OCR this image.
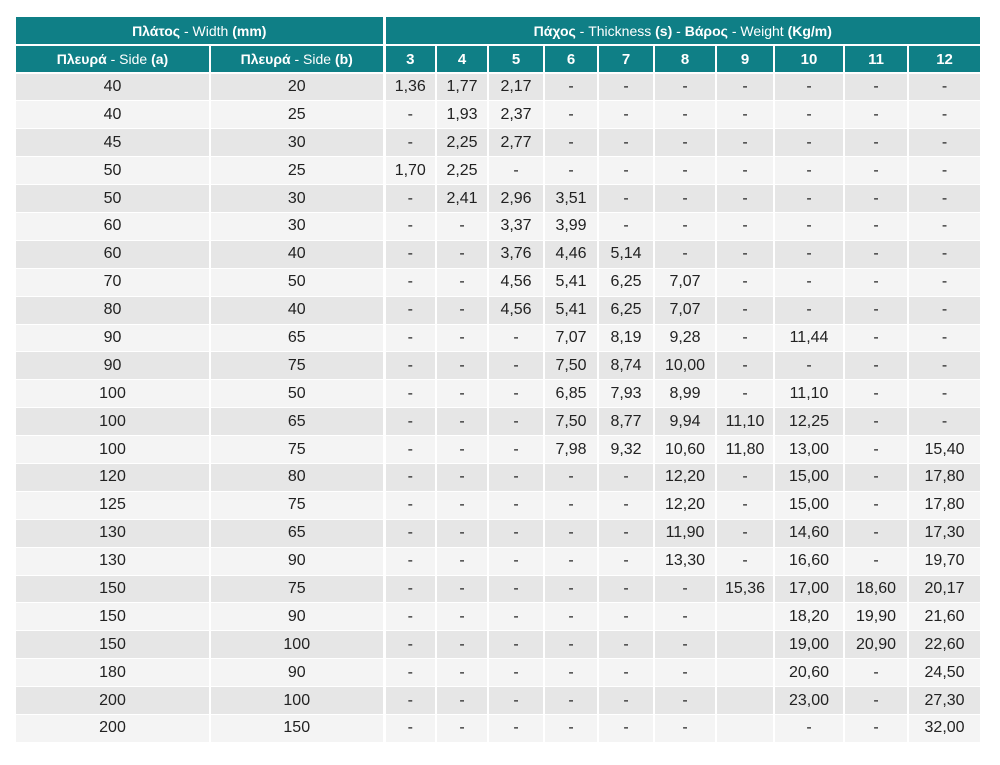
Πλάτος - Width (mm)		Πάχος - Thickness (s) - Βάρος - Weight (Kg/m)									
Πλευρά - Side (a)	Πλευρά - Side (b)	3	4	5	6	7	8	9	10	11	12
40	20	1,36	1,77	2,17	-	-	-	-	-	-	-
40	25	-	1,93	2,37	-	-	-	-	-	-	-
45	30	-	2,25	2,77	-	-	-	-	-	-	-
50	25	1,70	2,25	-	-	-	-	-	-	-	-
50	30	-	2,41	2,96	3,51	-	-	-	-	-	-
60	30	-	-	3,37	3,99	-	-	-	-	-	-
60	40	-	-	3,76	4,46	5,14	-	-	-	-	-
70	50	-	-	4,56	5,41	6,25	7,07	-	-	-	-
80	40	-	-	4,56	5,41	6,25	7,07	-	-	-	-
90	65	-	-	-	7,07	8,19	9,28	-	11,44	-	-
90	75	-	-	-	7,50	8,74	10,00	-	-	-	-
100	50	-	-	-	6,85	7,93	8,99	-	11,10	-	-
100	65	-	-	-	7,50	8,77	9,94	11,10	12,25	-	-
100	75	-	-	-	7,98	9,32	10,60	11,80	13,00	-	15,40
120	80	-	-	-	-	-	12,20	-	15,00	-	17,80
125	75	-	-	-	-	-	12,20	-	15,00	-	17,80
130	65	-	-	-	-	-	11,90	-	14,60	-	17,30
130	90	-	-	-	-	-	13,30	-	16,60	-	19,70
150	75	-	-	-	-	-	-	15,36	17,00	18,60	20,17
150	90	-	-	-	-	-	-		18,20	19,90	21,60
150	100	-	-	-	-	-	-		19,00	20,90	22,60
180	90	-	-	-	-	-	-		20,60	-	24,50
200	100	-	-	-	-	-	-		23,00	-	27,30
200	150	-	-	-	-	-	-		-	-	32,00
